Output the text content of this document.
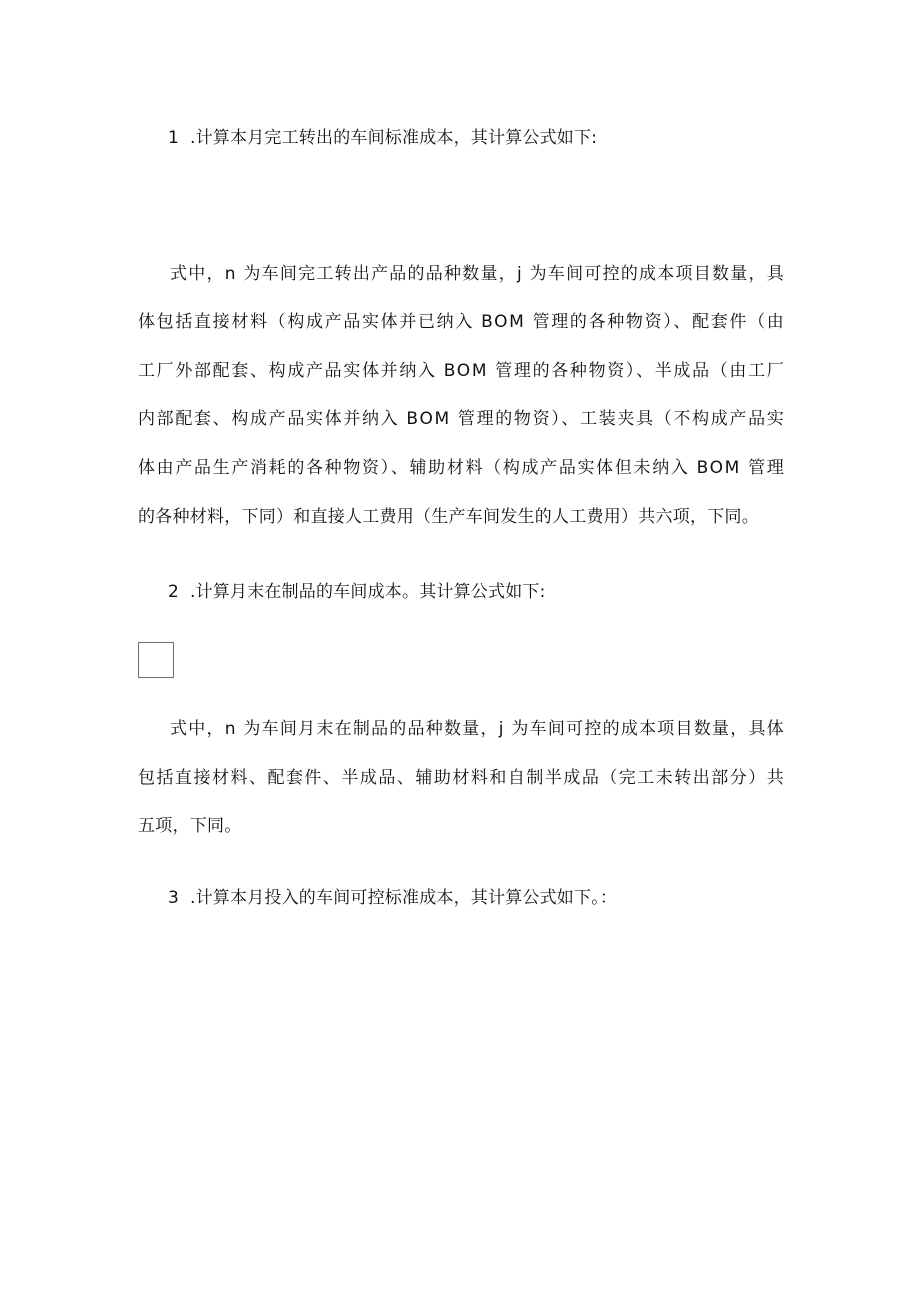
1 .计算本月完工转出的车间标准成本，其计算公式如下:
式中，n 为车间完工转出产品的品种数量，j 为车间可控的成本项目数量，具
体包括直接材料（构成产品实体并已纳入 BOM 管理的各种物资）、配套件（由
工厂外部配套、构成产品实体并纳入 BOM 管理的各种物资）、半成品（由工厂
内部配套、构成产品实体并纳入 BOM 管理的物资）、工装夹具（不构成产品实
体由产品生产消耗的各种物资）、辅助材料（构成产品实体但未纳入 BOM 管理
的各种材料，下同）和直接人工费用（生产车间发生的人工费用）共六项，下同。
2 .计算月末在制品的车间成本。其计算公式如下:
式中，n 为车间月末在制品的品种数量，j 为车间可控的成本项目数量，具体
包括直接材料、配套件、半成品、辅助材料和自制半成品（完工未转出部分）共
五项，下同。
3 .计算本月投入的车间可控标准成本，其计算公式如下。：
